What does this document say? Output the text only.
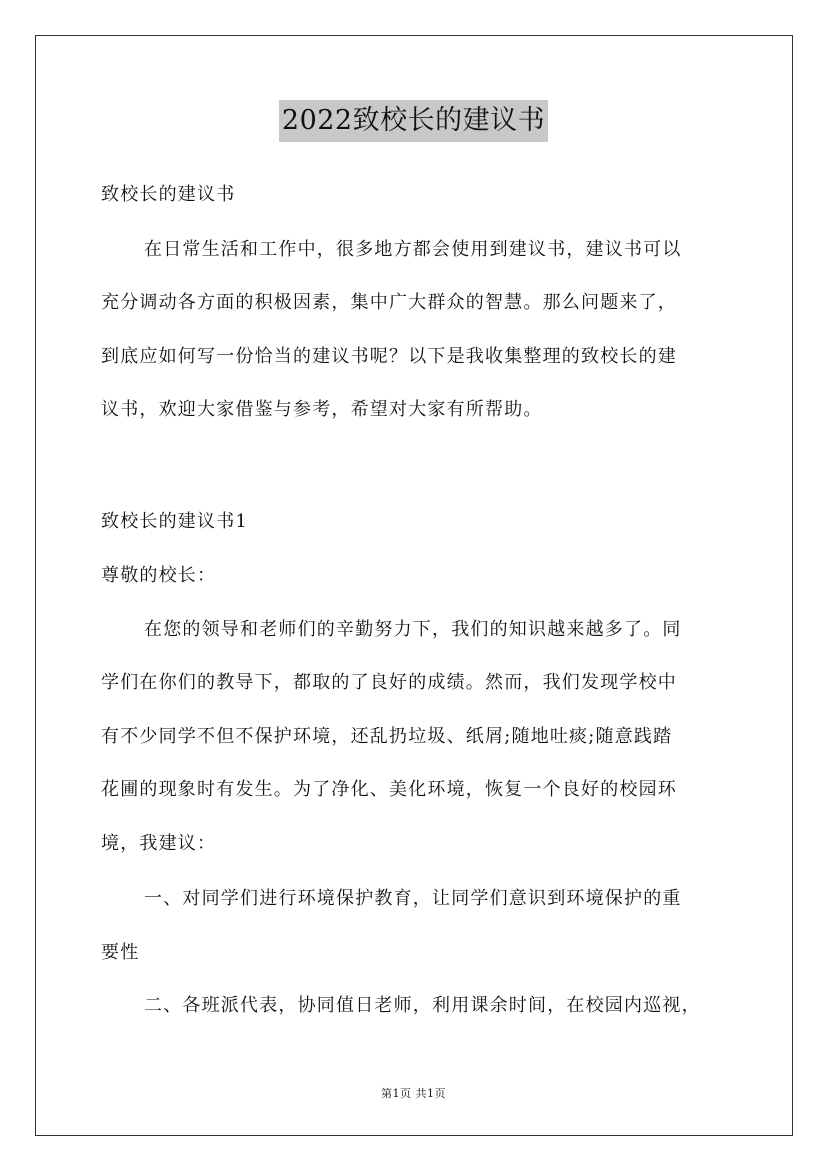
2022致校长的建议书
致校长的建议书
在日常生活和工作中，很多地方都会使用到建议书，建议书可以
充分调动各方面的积极因素，集中广大群众的智慧。那么问题来了，
到底应如何写一份恰当的建议书呢？以下是我收集整理的致校长的建
议书，欢迎大家借鉴与参考，希望对大家有所帮助。
致校长的建议书1
尊敬的校长：
在您的领导和老师们的辛勤努力下，我们的知识越来越多了。同
学们在你们的教导下，都取的了良好的成绩。然而，我们发现学校中
有不少同学不但不保护环境，还乱扔垃圾、纸屑;随地吐痰;随意践踏
花圃的现象时有发生。为了净化、美化环境，恢复一个良好的校园环
境，我建议：
一、对同学们进行环境保护教育，让同学们意识到环境保护的重
要性
二、各班派代表，协同值日老师，利用课余时间，在校园内巡视，
第1页 共1页
